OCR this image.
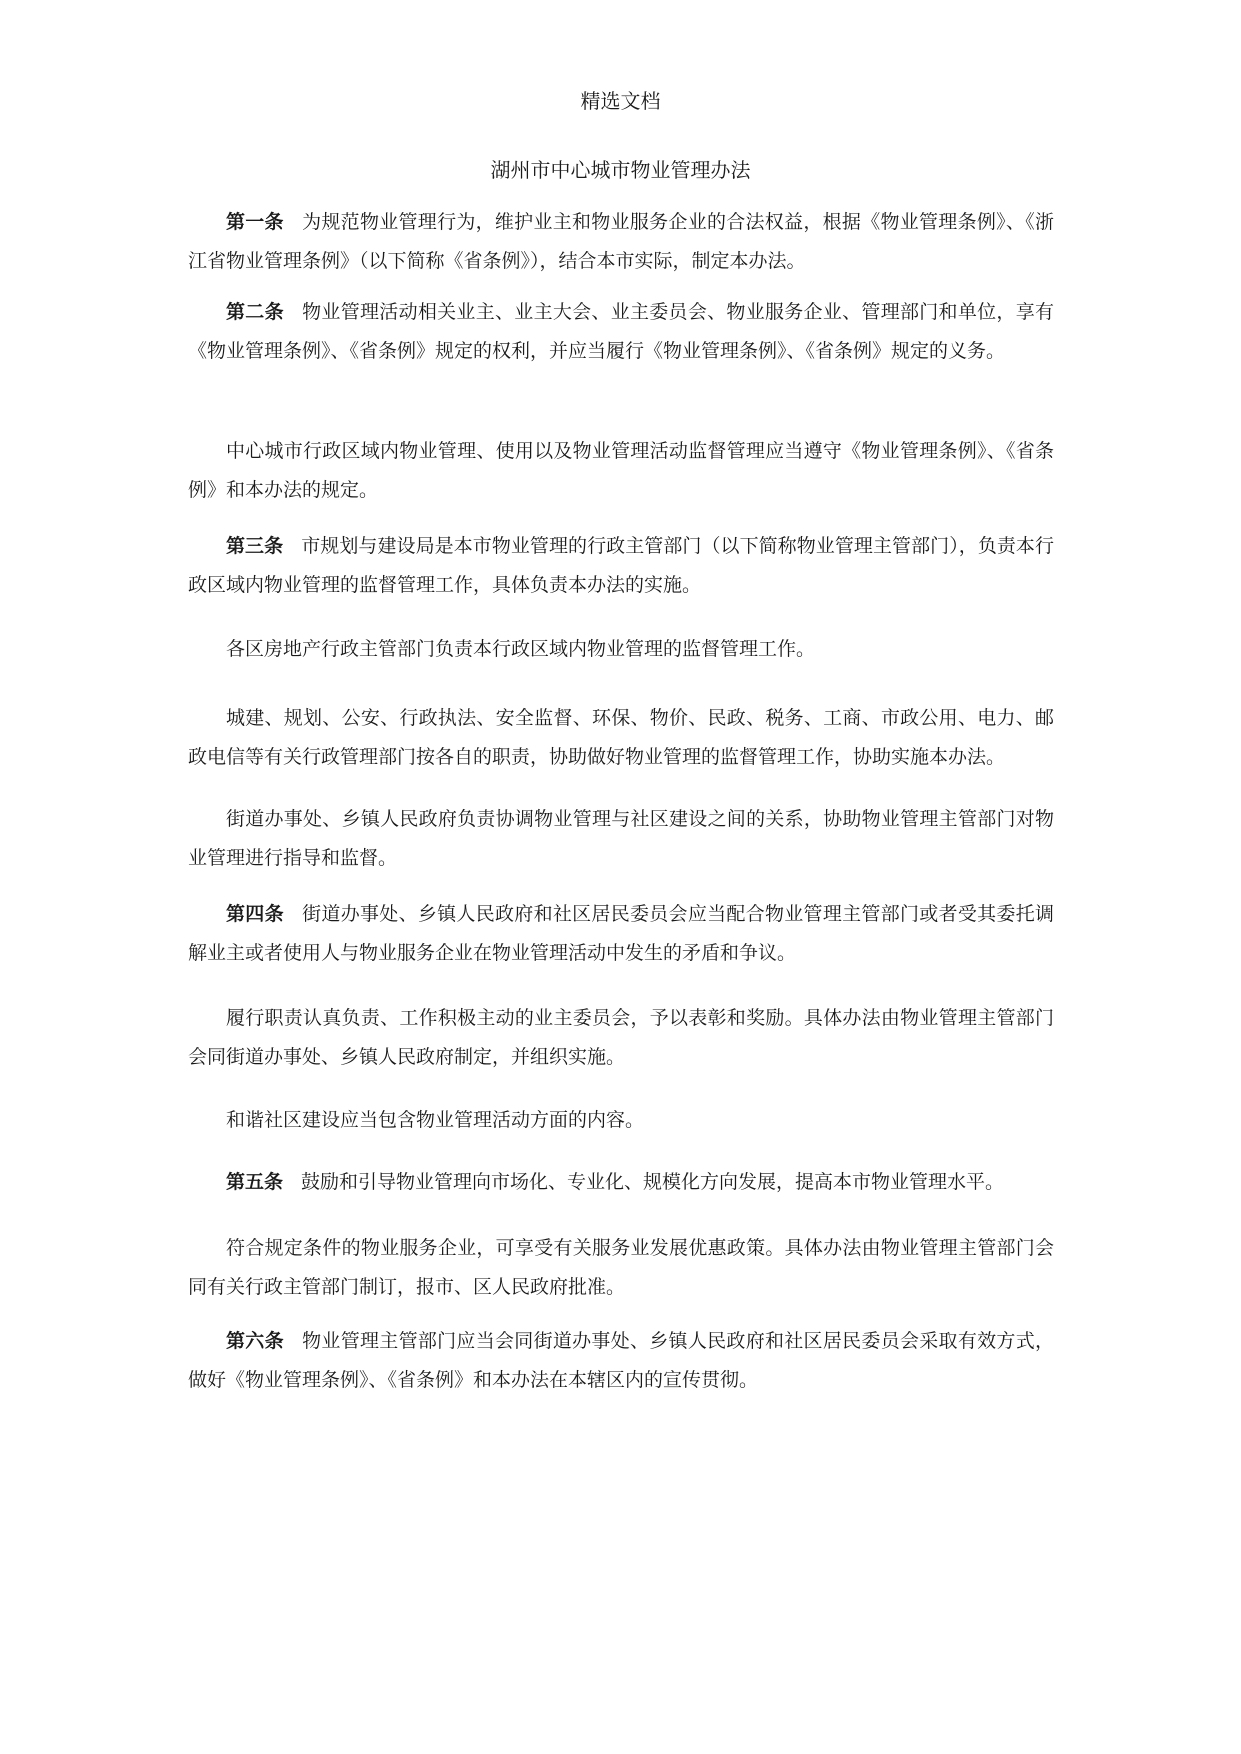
精选文档
湖州市中心城市物业管理办法

第一条 为规范物业管理行为，维护业主和物业服务企业的合法权益，根据《物业管理条例》、《浙江省物业管理条例》（以下简称《省条例》），结合本市实际，制定本办法。

第二条 物业管理活动相关业主、业主大会、业主委员会、物业服务企业、管理部门和单位，享有《物业管理条例》、《省条例》规定的权利，并应当履行《物业管理条例》、《省条例》规定的义务。

中心城市行政区域内物业管理、使用以及物业管理活动监督管理应当遵守《物业管理条例》、《省条例》和本办法的规定。

第三条 市规划与建设局是本市物业管理的行政主管部门（以下简称物业管理主管部门），负责本行政区域内物业管理的监督管理工作，具体负责本办法的实施。

各区房地产行政主管部门负责本行政区域内物业管理的监督管理工作。

城建、规划、公安、行政执法、安全监督、环保、物价、民政、税务、工商、市政公用、电力、邮政电信等有关行政管理部门按各自的职责，协助做好物业管理的监督管理工作，协助实施本办法。

街道办事处、乡镇人民政府负责协调物业管理与社区建设之间的关系，协助物业管理主管部门对物业管理进行指导和监督。

第四条 街道办事处、乡镇人民政府和社区居民委员会应当配合物业管理主管部门或者受其委托调解业主或者使用人与物业服务企业在物业管理活动中发生的矛盾和争议。

履行职责认真负责、工作积极主动的业主委员会，予以表彰和奖励。具体办法由物业管理主管部门会同街道办事处、乡镇人民政府制定，并组织实施。

和谐社区建设应当包含物业管理活动方面的内容。

第五条 鼓励和引导物业管理向市场化、专业化、规模化方向发展，提高本市物业管理水平。

符合规定条件的物业服务企业，可享受有关服务业发展优惠政策。具体办法由物业管理主管部门会同有关行政主管部门制订，报市、区人民政府批准。

第六条 物业管理主管部门应当会同街道办事处、乡镇人民政府和社区居民委员会采取有效方式，做好《物业管理条例》、《省条例》和本办法在本辖区内的宣传贯彻。
